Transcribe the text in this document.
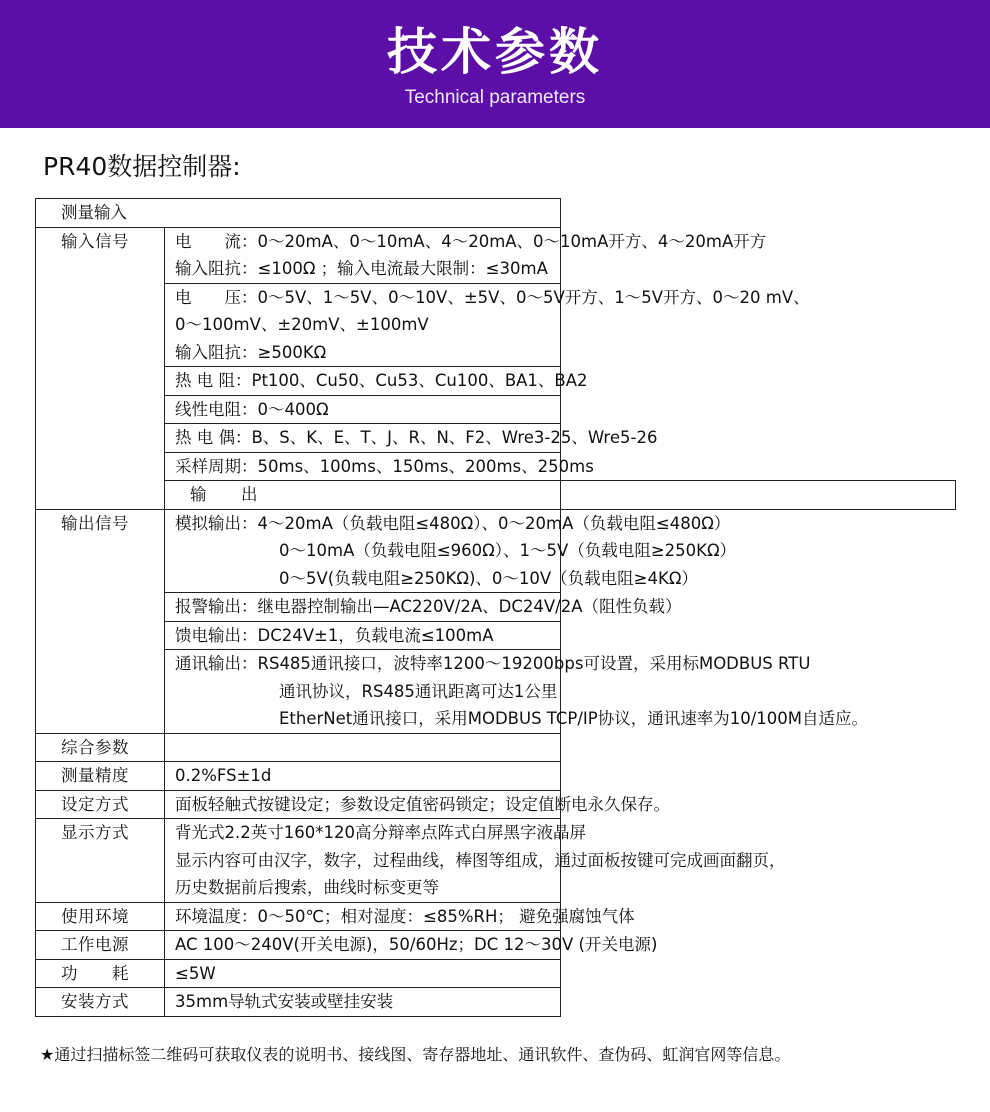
技术参数
Technical parameters
PR40数据控制器:
测量输入		
输入信号	电　　流：0～20mA、0～10mA、4～20mA、0～10mA开方、4～20mA开方
输入阻抗：≤100Ω ；输入电流最大限制：≤30mA	

	电　　压：0～5V、1～5V、0～10V、±5V、0～5V开方、1～5V开方、0～20 mV、
0～100mV、±20mV、±100mV
输入阻抗：≥500KΩ	

	热 电 阻：Pt100、Cu50、Cu53、Cu100、BA1、BA2	

	线性电阻：0～400Ω	

	热 电 偶：B、S、K、E、T、J、R、N、F2、Wre3-25、Wre5-26	

	采样周期：50ms、100ms、150ms、200ms、250ms	

	输　　出	
输出信号	模拟输出：4～20mA（负载电阻≤480Ω）、0～20mA（负载电阻≤480Ω）
0～10mA（负载电阻≤960Ω）、1～5V（负载电阻≥250KΩ）
0～5V(负载电阻≥250KΩ)、0～10V（负载电阻≥4KΩ）	

	报警输出：继电器控制输出—AC220V/2A、DC24V/2A（阻性负载）	

	馈电输出：DC24V±1，负载电流≤100mA	

	通讯输出：RS485通讯接口，波特率1200～19200bps可设置，采用标MODBUS RTU
通讯协议，RS485通讯距离可达1公里
EtherNet通讯接口，采用MODBUS TCP/IP协议，通讯速率为10/100M自适应。	

综合参数		
测量精度	0.2%FS±1d	

设定方式	面板轻触式按键设定；参数设定值密码锁定；设定值断电永久保存。	

显示方式	背光式2.2英寸160*120高分辩率点阵式白屏黑字液晶屏
显示内容可由汉字，数字，过程曲线，棒图等组成，通过面板按键可完成画面翻页，
历史数据前后搜索，曲线时标变更等	

使用环境	环境温度：0～50℃；相对湿度：≤85%RH； 避免强腐蚀气体	

工作电源	AC 100～240V(开关电源)，50/60Hz；DC 12～30V (开关电源)	

功　　耗	≤5W	

安装方式	35mm导轨式安装或壁挂安装	
★通过扫描标签二维码可获取仪表的说明书、接线图、寄存器地址、通讯软件、查伪码、虹润官网等信息。
